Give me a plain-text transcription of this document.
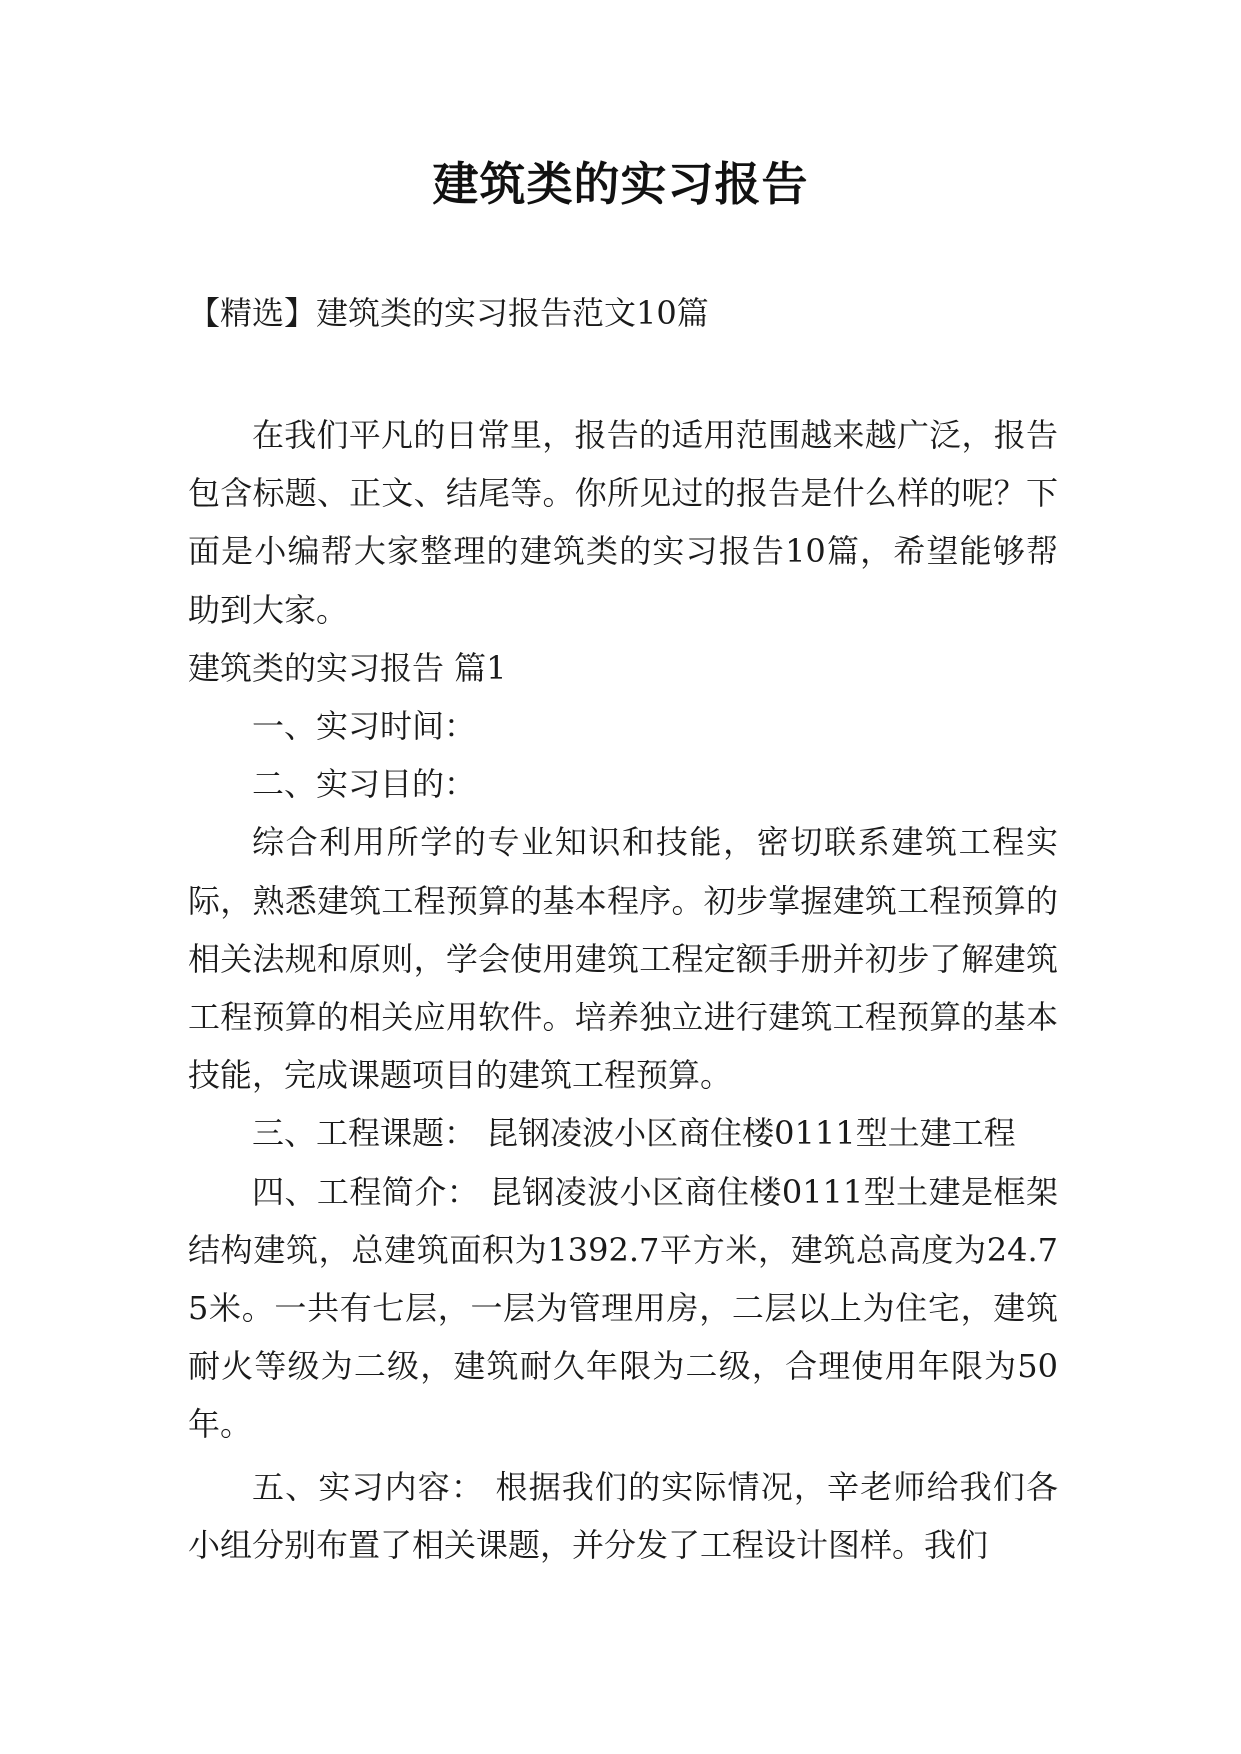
建筑类的实习报告
【精选】建筑类的实习报告范文10篇

在我们平凡的日常里，报告的适用范围越来越广泛，报告包含标题、正文、结尾等。你所见过的报告是什么样的呢？下面是小编帮大家整理的建筑类的实习报告10篇，希望能够帮助到大家。

建筑类的实习报告 篇1

一、实习时间：

二、实习目的：

综合利用所学的专业知识和技能，密切联系建筑工程实际，熟悉建筑工程预算的基本程序。初步掌握建筑工程预算的相关法规和原则，学会使用建筑工程定额手册并初步了解建筑工程预算的相关应用软件。培养独立进行建筑工程预算的基本技能，完成课题项目的建筑工程预算。

三、工程课题： 昆钢凌波小区商住楼0111型土建工程

四、工程简介： 昆钢凌波小区商住楼0111型土建是框架结构建筑，总建筑面积为1392.7平方米，建筑总高度为24.75米。一共有七层，一层为管理用房，二层以上为住宅，建筑耐火等级为二级，建筑耐久年限为二级，合理使用年限为50年。

五、实习内容： 根据我们的实际情况，辛老师给我们各小组分别布置了相关课题，并分发了工程设计图样。我们
